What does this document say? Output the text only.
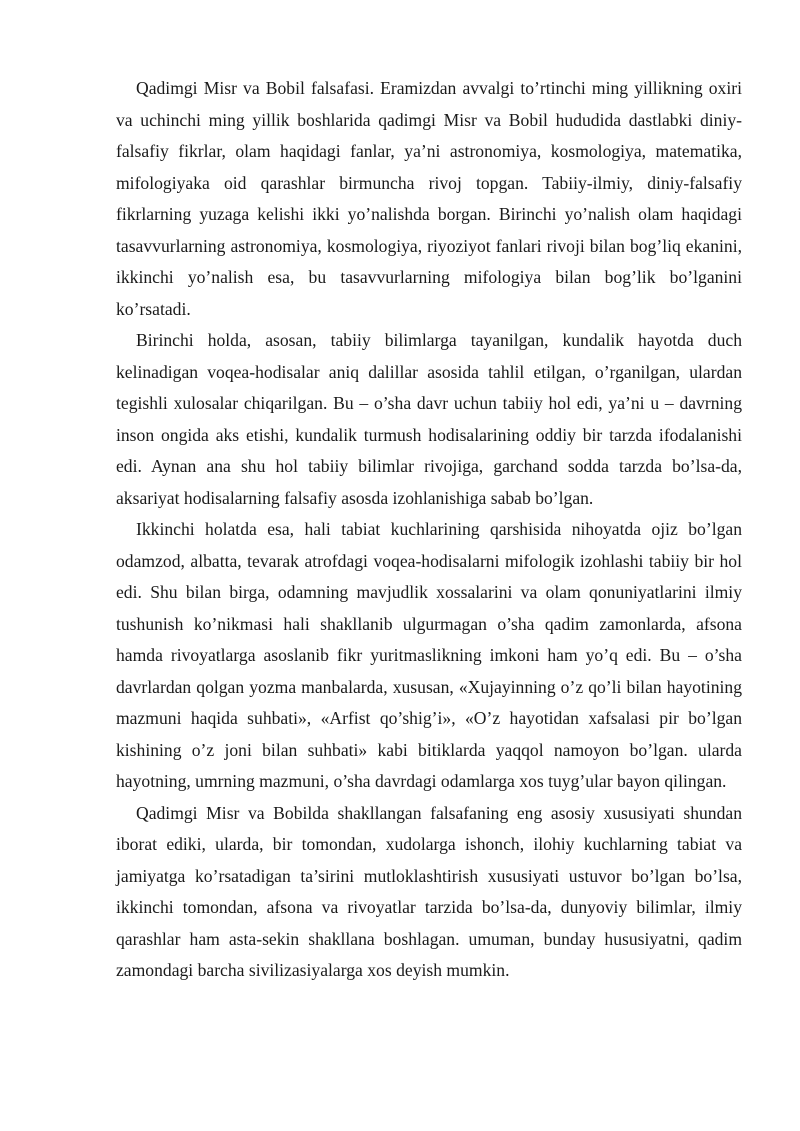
Qadimgi Misr va Bobil falsafasi. Eramizdan avvalgi to’rtinchi ming yillikning oxiri va uchinchi ming yillik boshlarida qadimgi Misr va Bobil hududida dastlabki diniy-falsafiy fikrlar, olam haqidagi fanlar, ya’ni astronomiya, kosmologiya, matematika, mifologiyaka oid qarashlar birmuncha rivoj topgan. Tabiiy-ilmiy, diniy-falsafiy fikrlarning yuzaga kelishi ikki yo’nalishda borgan. Birinchi yo’nalish olam haqidagi tasavvurlarning astronomiya, kosmologiya, riyoziyot fanlari rivoji bilan bog’liq ekanini, ikkinchi yo’nalish esa, bu tasavvurlarning mifologiya bilan bog’lik bo’lganini ko’rsatadi.

Birinchi holda, asosan, tabiiy bilimlarga tayanilgan, kundalik hayotda duch kelinadigan voqea-hodisalar aniq dalillar asosida tahlil etilgan, o’rganilgan, ulardan tegishli xulosalar chiqarilgan. Bu – o’sha davr uchun tabiiy hol edi, ya’ni u – davrning inson ongida aks etishi, kundalik turmush hodisalarining oddiy bir tarzda ifodalanishi edi. Aynan ana shu hol tabiiy bilimlar rivojiga, garchand sodda tarzda bo’lsa-da, aksariyat hodisalarning falsafiy asosda izohlanishiga sabab bo’lgan.

Ikkinchi holatda esa, hali tabiat kuchlarining qarshisida nihoyatda ojiz bo’lgan odamzod, albatta, tevarak atrofdagi voqea-hodisalarni mifologik izohlashi tabiiy bir hol edi. Shu bilan birga, odamning mavjudlik xossalarini va olam qonuniyatlarini ilmiy tushunish ko’nikmasi hali shakllanib ulgurmagan o’sha qadim zamonlarda, afsona hamda rivoyatlarga asoslanib fikr yuritmaslikning imkoni ham yo’q edi. Bu – o’sha davrlardan qolgan yozma manbalarda, xususan, «Xujayinning o’z qo’li bilan hayotining mazmuni haqida suhbati», «Arfist qo’shig’i», «O’z hayotidan xafsalasi pir bo’lgan kishining o’z joni bilan suhbati» kabi bitiklarda yaqqol namoyon bo’lgan. ularda hayotning, umrning mazmuni, o’sha davrdagi odamlarga xos tuyg’ular bayon qilingan.

Qadimgi Misr va Bobilda shakllangan falsafaning eng asosiy xususiyati shundan iborat ediki, ularda, bir tomondan, xudolarga ishonch, ilohiy kuchlarning tabiat va jamiyatga ko’rsatadigan ta’sirini mutloklashtirish xususiyati ustuvor bo’lgan bo’lsa, ikkinchi tomondan, afsona va rivoyatlar tarzida bo’lsa-da, dunyoviy bilimlar, ilmiy qarashlar ham asta-sekin shakllana boshlagan. umuman, bunday hususiyatni, qadim zamondagi barcha sivilizasiyalarga xos deyish mumkin.
